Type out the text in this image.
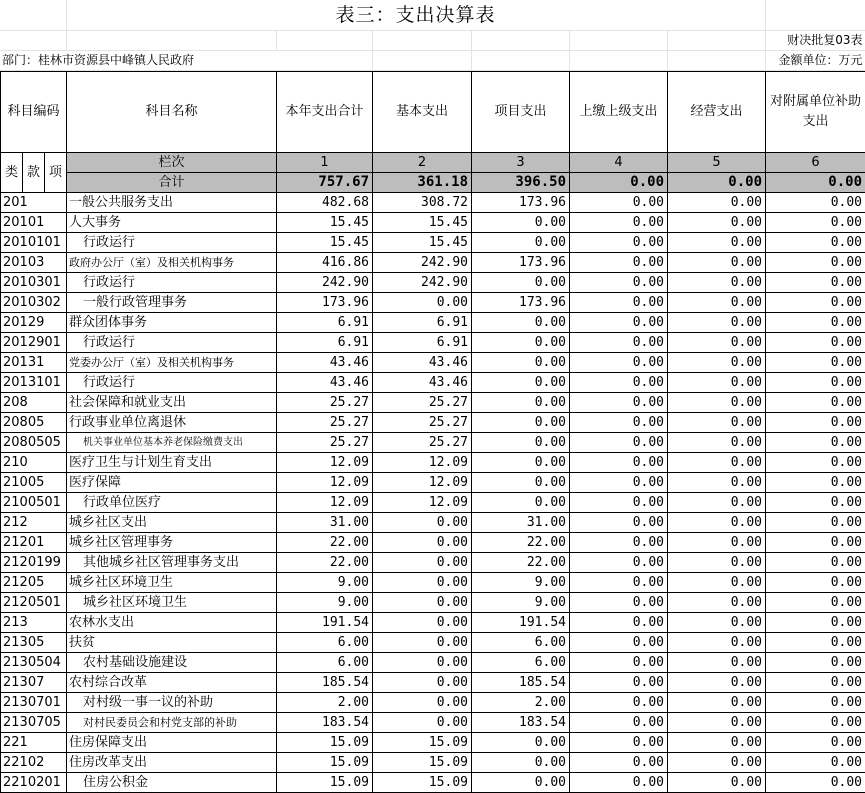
	表三：支出决算表						
							财决批复03表
部门：桂林市资源县中峰镇人民政府							金额单位：万元
科目编码			科目名称	本年支出合计	基本支出	项目支出	上缴上级支出	经营支出	对附属单位补助支出
类	款	项	栏次	1	2	3	4	5	6
			合计	757.67	361.18	396.50	0.00	0.00	0.00
201			一般公共服务支出	482.68	308.72	173.96	0.00	0.00	0.00
20101			人大事务	15.45	15.45	0.00	0.00	0.00	0.00
2010101			行政运行	15.45	15.45	0.00	0.00	0.00	0.00
20103			政府办公厅（室）及相关机构事务	416.86	242.90	173.96	0.00	0.00	0.00
2010301			行政运行	242.90	242.90	0.00	0.00	0.00	0.00
2010302			一般行政管理事务	173.96	0.00	173.96	0.00	0.00	0.00
20129			群众团体事务	6.91	6.91	0.00	0.00	0.00	0.00
2012901			行政运行	6.91	6.91	0.00	0.00	0.00	0.00
20131			党委办公厅（室）及相关机构事务	43.46	43.46	0.00	0.00	0.00	0.00
2013101			行政运行	43.46	43.46	0.00	0.00	0.00	0.00
208			社会保障和就业支出	25.27	25.27	0.00	0.00	0.00	0.00
20805			行政事业单位离退休	25.27	25.27	0.00	0.00	0.00	0.00
2080505			机关事业单位基本养老保险缴费支出	25.27	25.27	0.00	0.00	0.00	0.00
210			医疗卫生与计划生育支出	12.09	12.09	0.00	0.00	0.00	0.00
21005			医疗保障	12.09	12.09	0.00	0.00	0.00	0.00
2100501			行政单位医疗	12.09	12.09	0.00	0.00	0.00	0.00
212			城乡社区支出	31.00	0.00	31.00	0.00	0.00	0.00
21201			城乡社区管理事务	22.00	0.00	22.00	0.00	0.00	0.00
2120199			其他城乡社区管理事务支出	22.00	0.00	22.00	0.00	0.00	0.00
21205			城乡社区环境卫生	9.00	0.00	9.00	0.00	0.00	0.00
2120501			城乡社区环境卫生	9.00	0.00	9.00	0.00	0.00	0.00
213			农林水支出	191.54	0.00	191.54	0.00	0.00	0.00
21305			扶贫	6.00	0.00	6.00	0.00	0.00	0.00
2130504			农村基础设施建设	6.00	0.00	6.00	0.00	0.00	0.00
21307			农村综合改革	185.54	0.00	185.54	0.00	0.00	0.00
2130701			对村级一事一议的补助	2.00	0.00	2.00	0.00	0.00	0.00
2130705			对村民委员会和村党支部的补助	183.54	0.00	183.54	0.00	0.00	0.00
221			住房保障支出	15.09	15.09	0.00	0.00	0.00	0.00
22102			住房改革支出	15.09	15.09	0.00	0.00	0.00	0.00
2210201			住房公积金	15.09	15.09	0.00	0.00	0.00	0.00
